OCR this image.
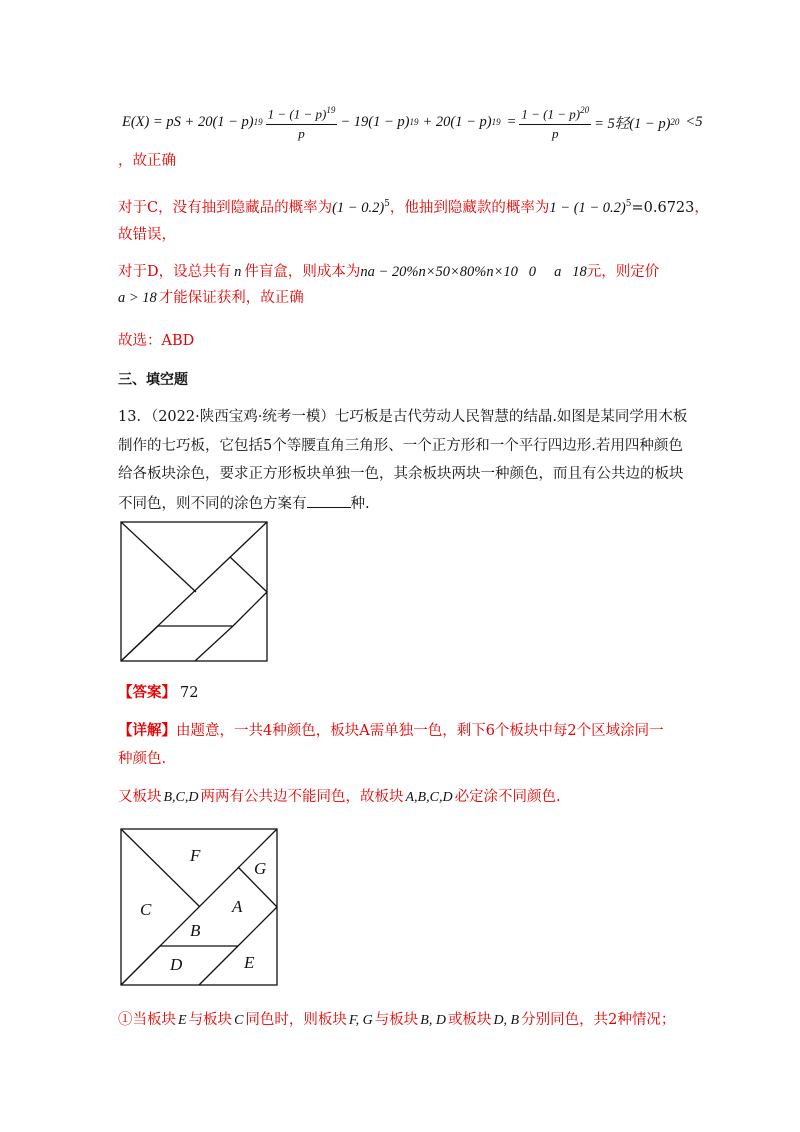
E(X) = pS + 20(1 − p) $19 \frac{1 - (1 - p)^{19}}{p} - 19(1 - p) 19 + 20(1 - p) 19 = \frac{1 - (1 - p)^{20}}{p} = 5$轻(1 − p) 20 <5
，故正确
对于C，没有抽到隐藏品的概率为$(1 - 0.2)^5$，他抽到隐藏款的概率为$1 - (1 - 0.2)^5=0.6723$，
故错误，
对于D，设总共有 n 件盲盒，则成本为na − 20%n×50×80%n×10   0     a   18元，则定价
a > 18 才能保证获利，故正确
故选：ABD
三、填空题
13．（2022·陕西宝鸡·统考一模）七巧板是古代劳动人民智慧的结晶.如图是某同学用木板
制作的七巧板，它包括5个等腰直角三角形、一个正方形和一个平行四边形.若用四种颜色
给各板块涂色，要求正方形板块单独一色，其余板块两块一种颜色，而且有公共边的板块
不同色，则不同的涂色方案有	种.
【答案】 72
【详解】由题意，一共4种颜色，板块A需单独一色，剩下6个板块中每2个区域涂同一
种颜色.
又板块 B,C,D 两两有公共边不能同色，故板块 A,B,C,D 必定涂不同颜色.
F
G
C	A
B
D	E
①当板块 E 与板块 C 同色时，则板块 F, G 与板块 B, D 或板块 D, B 分别同色，共2种情况；
